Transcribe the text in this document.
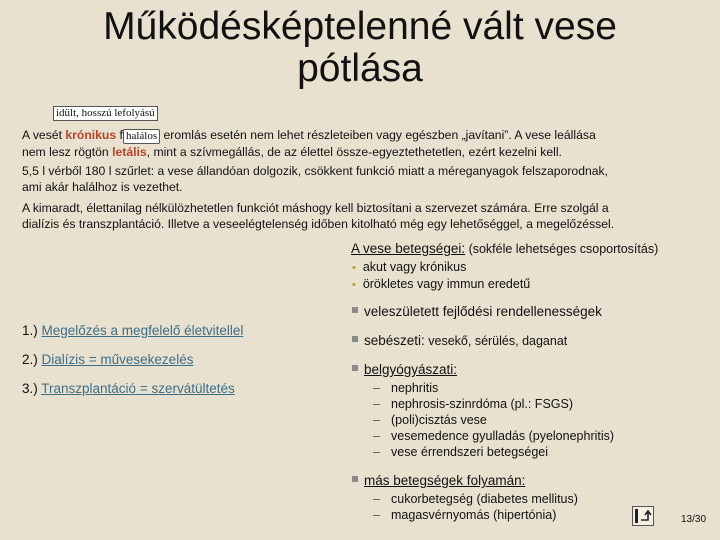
Működésképtelenné vált vese
pótlása
idült, hosszú lefolyású
A vesét krónikus f halálos eromlás esetén nem lehet részleteiben vagy egészben „javítani”. A vese leállása
nem lesz rögtön letális, mint a szívmegállás, de az élettel össze-egyeztethetetlen, ezért kezelni kell.
5,5 l vérből 180 l szűrlet: a vese állandóan dolgozik, csökkent funkció miatt a méreganyagok felszaporodnak,
ami akár halálhoz is vezethet.
A kimaradt, élettanilag nélkülözhetetlen funkciót máshogy kell biztosítani a szervezet számára. Erre szolgál a
dialízis és transzplantáció. Illetve a veseelégtelenség időben kitolható még egy lehetőséggel, a megelőzéssel.
A vese betegségei: (sokféle lehetséges csoportosítás)
• akut vagy krónikus
• örökletes vagy immun eredetű
1.) Megelőzés a megfelelő életvitellel
2.) Dialízis = művesekezelés
3.) Transzplantáció = szervátültetés
veleszületett fejlődési rendellenességek
sebészeti: vesekő, sérülés, daganat
belgyógyászati:
– nephritis
– nephrosis-szinrdóma (pl.: FSGS)
– (poli)cisztás vese
– vesemedence gyulladás (pyelonephritis)
– vese érrendszeri betegségei
más betegségek folyamán:
– cukorbetegség (diabetes mellitus)
– magasvérnyomás (hipertónia)	13/30
